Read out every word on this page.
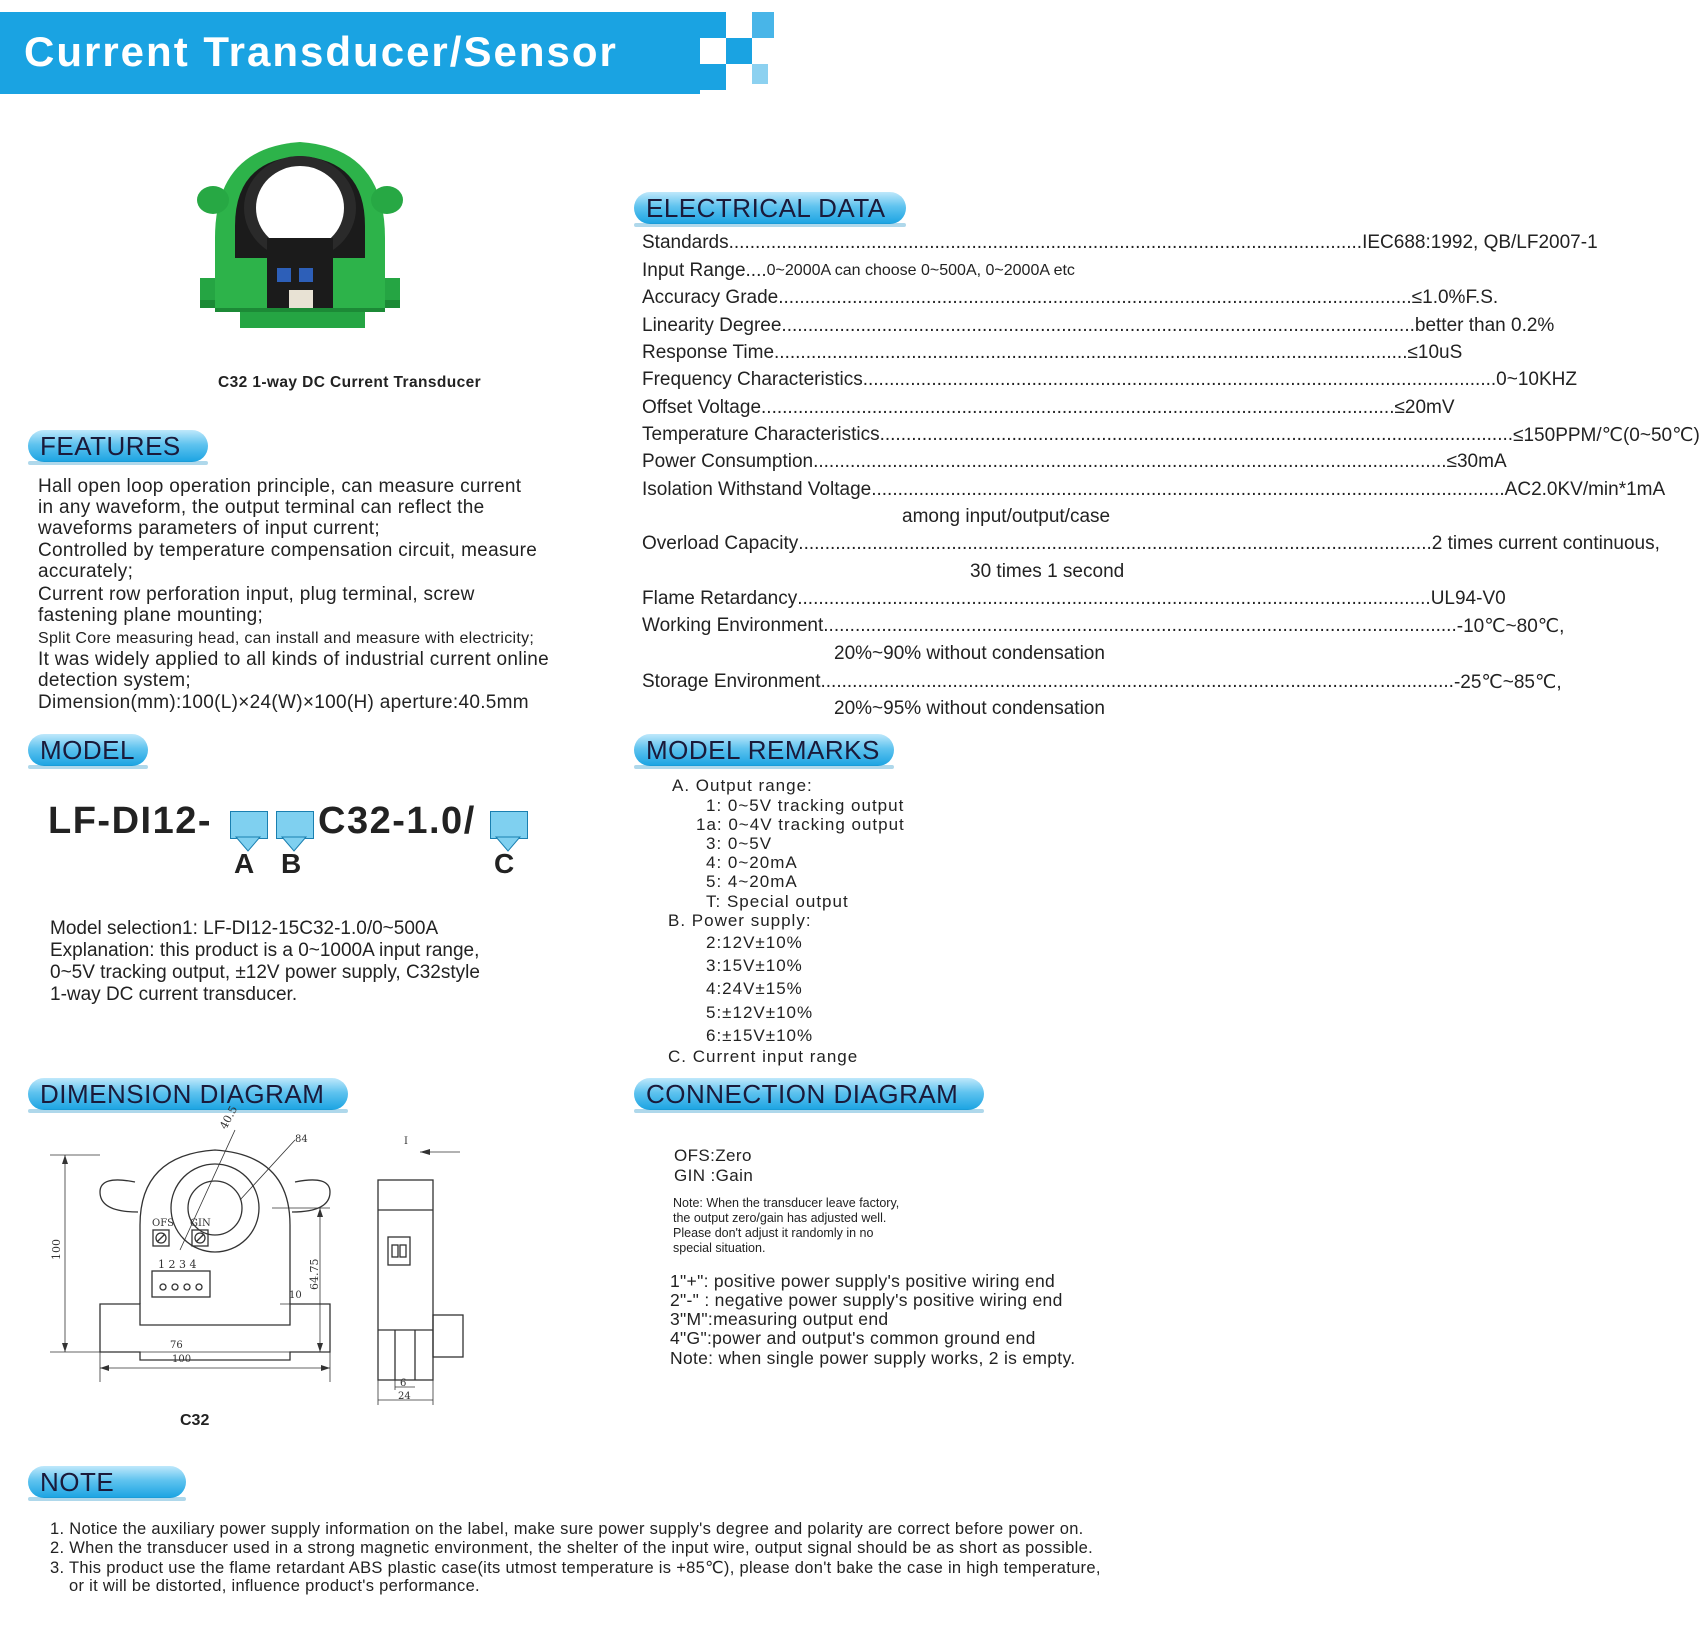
Current Transducer/Sensor
C32 1-way DC Current Transducer
FEATURES
Hall open loop operation principle, can measure current
in any waveform, the output terminal can reflect the
waveforms parameters of input current;
Controlled by temperature compensation circuit, measure
accurately;
Current row perforation input, plug terminal, screw
fastening plane mounting;
Split Core measuring head, can install and measure with electricity;
It was widely applied to all kinds of industrial current online
detection system;
Dimension(mm):100(L)×24(W)×100(H) aperture:40.5mm
ELECTRICAL DATA
Standards .....	IEC688:1992, QB/LF2007-1
Input Range.... 0~2000A can choose 0~500A, 0~2000A etc
Accuracy Grade .....	≤1.0%F.S.
Linearity Degree .....	better than 0.2%
Response Time .....	≤10uS
Frequency Characteristics .....	0~10KHZ
Offset Voltage .....	≤20mV
Temperature Characteristics .....	≤150PPM/℃(0~50℃)
Power Consumption .....	≤30mA
Isolation Withstand Voltage .....	AC2.0KV/min*1mA
among input/output/case
Overload Capacity .....	2 times current continuous,
30 times 1 second
Flame Retardancy .....	UL94-V0
Working Environment .....	-10℃~80℃,
20%~90% without condensation
Storage Environment .....	-25℃~85℃,
20%~95% without condensation
MODEL
LF-DI12-	C32-1.0/
A B	C
Model selection1: LF-DI12-15C32-1.0/0~500A
Explanation: this product is a 0~1000A input range,
0~5V tracking output, ±12V power supply, C32style
1-way DC current transducer.
MODEL REMARKS
A. Output range:
1: 0~5V tracking output
1a: 0~4V tracking output
3: 0~5V
4: 0~20mA
5: 4~20mA
T: Special output
B. Power supply:
2:12V±10%
3:15V±10%
4:24V±15%
5:±12V±10%
6:±15V±10%
C. Current input range
DIMENSION DIAGRAM
100
40.5
84
64.75
10
OFS GIN
1 2 3 4
76
100
I
6
24
C32
CONNECTION DIAGRAM
OFS:Zero
GIN :Gain
Note: When the transducer leave factory,
the output zero/gain has adjusted well.
Please don't adjust it randomly in no
special situation.
1"+": positive power supply's positive wiring end
2"-" : negative power supply's positive wiring end
3"M":measuring output end
4"G":power and output's common ground end
Note: when single power supply works, 2 is empty.
NOTE
1. Notice the auxiliary power supply information on the label, make sure power supply's degree and polarity are correct before power on.
2. When the transducer used in a strong magnetic environment, the shelter of the input wire, output signal should be as short as possible.
3. This product use the flame retardant ABS plastic case(its utmost temperature is +85℃), please don't bake the case in high temperature,
or it will be distorted, influence product's performance.
